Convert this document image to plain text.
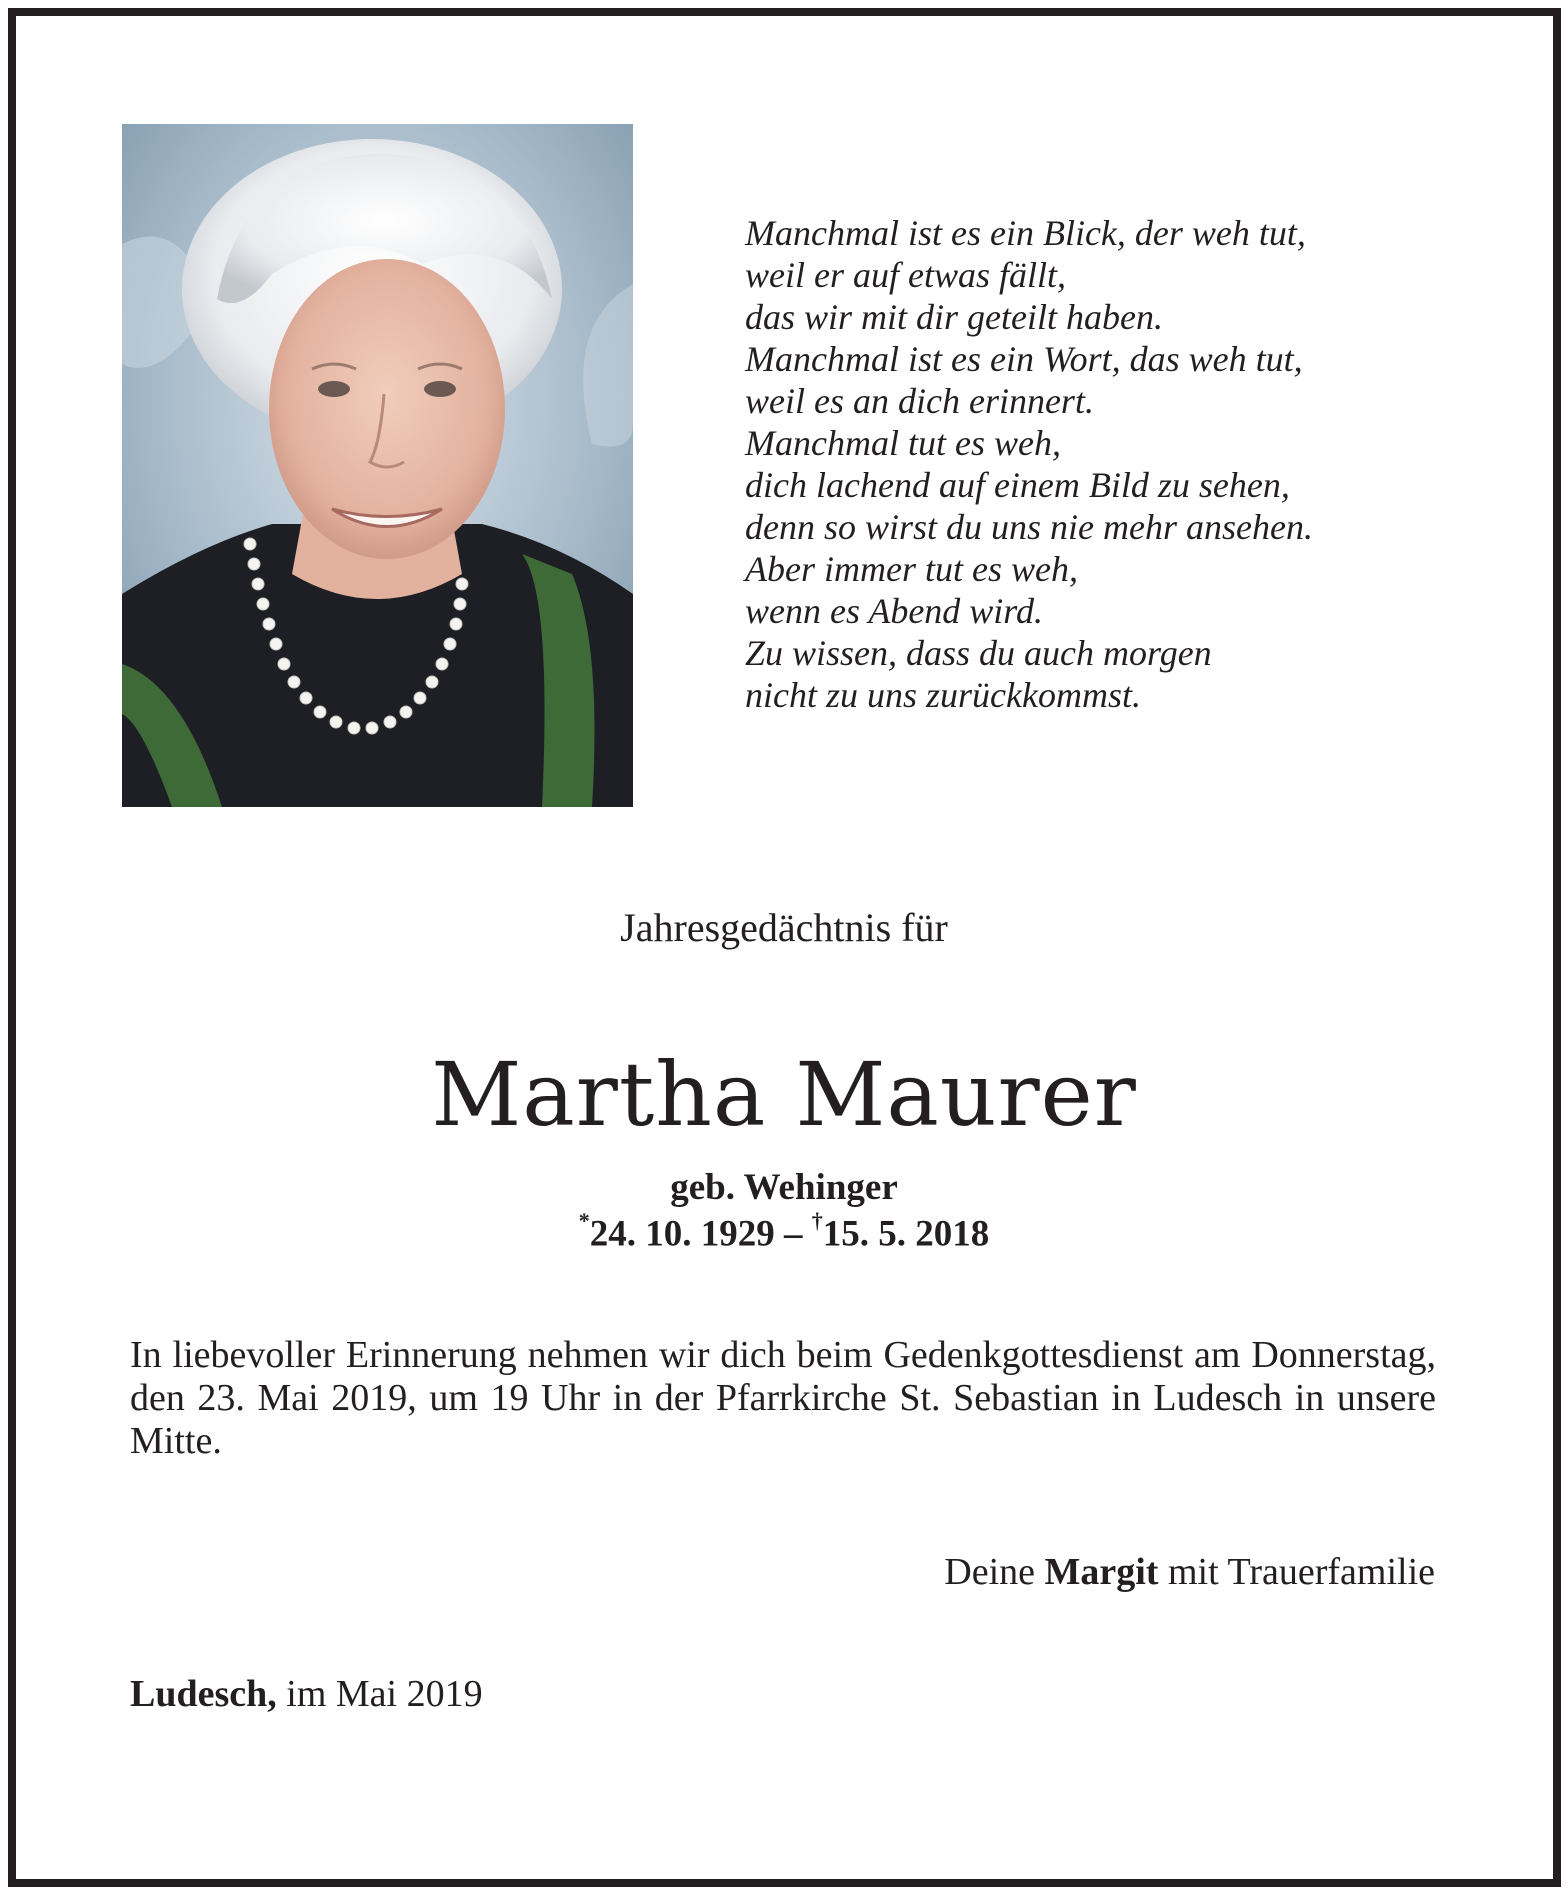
Manchmal ist es ein Blick, der weh tut,
weil er auf etwas fällt,
das wir mit dir geteilt haben.
Manchmal ist es ein Wort, das weh tut,
weil es an dich erinnert.
Manchmal tut es weh,
dich lachend auf einem Bild zu sehen,
denn so wirst du uns nie mehr ansehen.
Aber immer tut es weh,
wenn es Abend wird.
Zu wissen, dass du auch morgen
nicht zu uns zurückkommst.
Jahresgedächtnis für
Martha Maurer
geb. Wehinger
*24. 10. 1929 – †15. 5. 2018

In liebevoller Erinnerung nehmen wir dich beim Gedenkgottesdienst am Donnerstag, den 23. Mai 2019, um 19 Uhr in der Pfarrkirche St. Sebastian in Ludesch in unsere Mitte.

Deine Margit mit Trauerfamilie
Ludesch, im Mai 2019
